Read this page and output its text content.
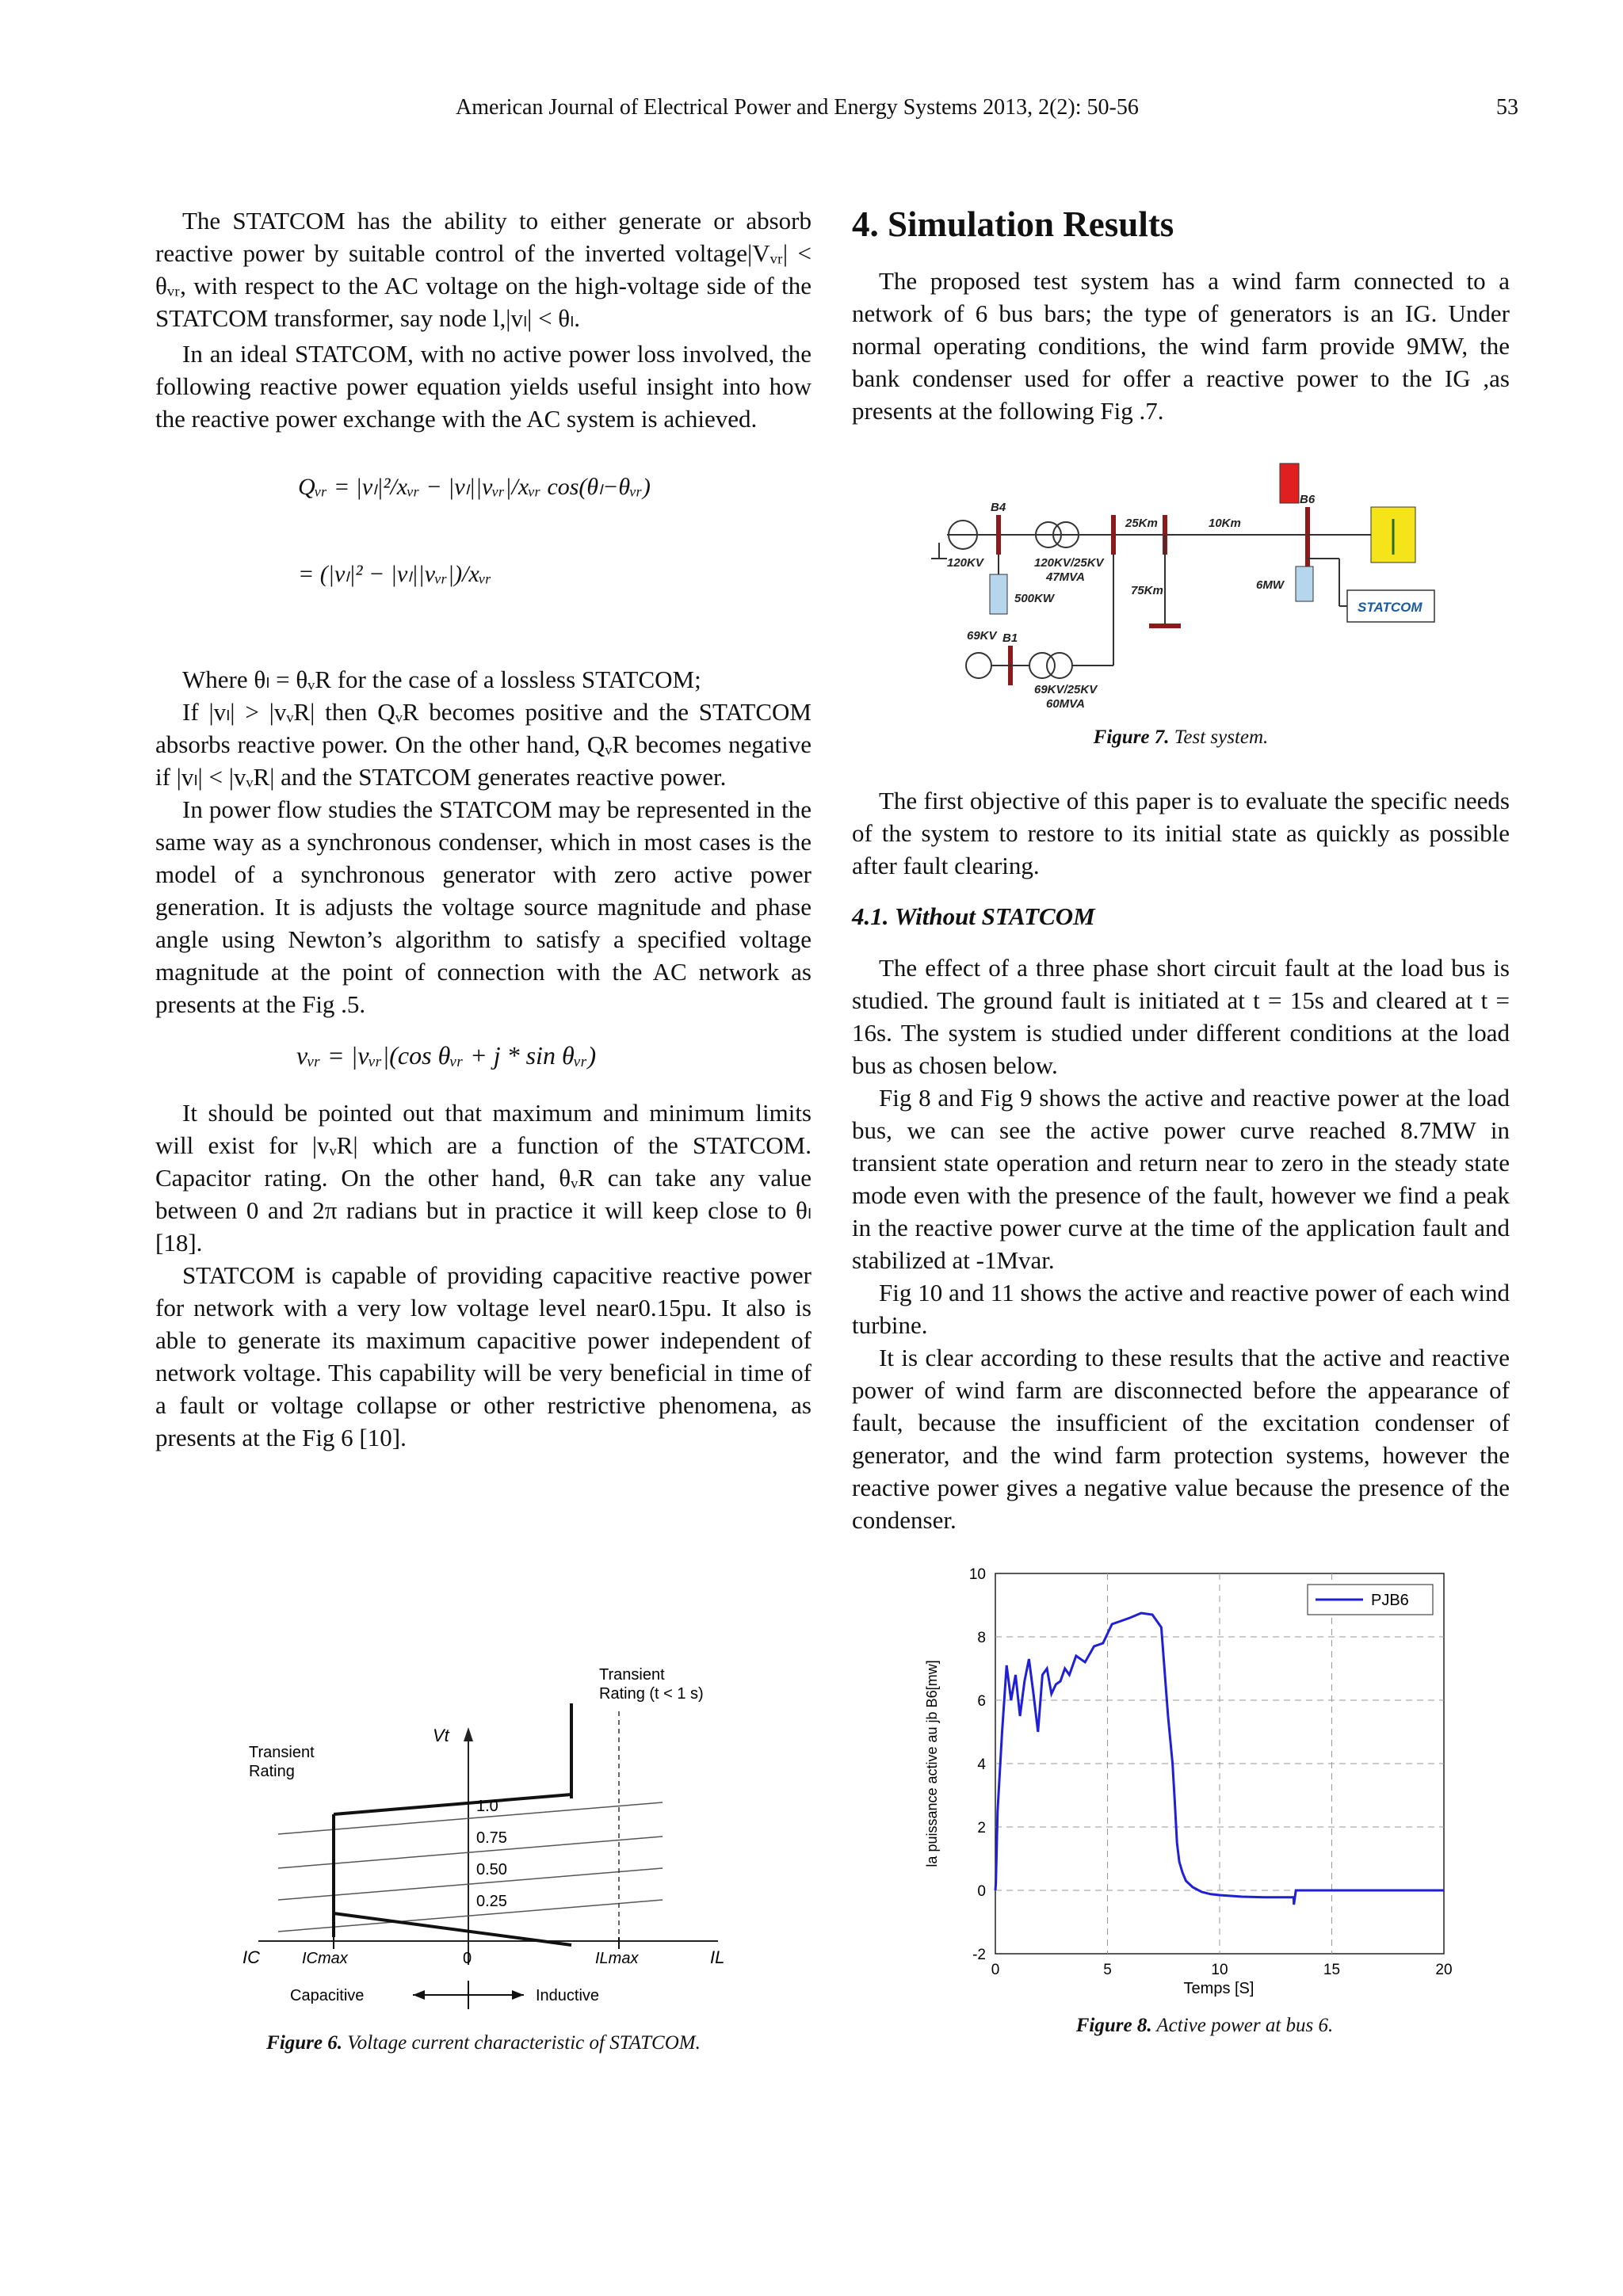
American Journal of Electrical Power and Energy Systems 2013, 2(2): 50-56	53

The STATCOM has the ability to either generate or absorb reactive power by suitable control of the inverted voltage|Vᵥᵣ| < θᵥᵣ, with respect to the AC voltage on the high-voltage side of the STATCOM transformer, say node l,|vₗ| < θₗ.

In an ideal STATCOM, with no active power loss involved, the following reactive power equation yields useful insight into how the reactive power exchange with the AC system is achieved.

Qᵥᵣ = |vₗ|²/xᵥᵣ − |vₗ||vᵥᵣ|/xᵥᵣ cos(θₗ−θᵥᵣ)
= (|vₗ|² − |vₗ||vᵥᵣ|)/xᵥᵣ

Where θₗ = θᵥR for the case of a lossless STATCOM;

If |vₗ| > |vᵥR| then QᵥR becomes positive and the STATCOM absorbs reactive power. On the other hand, QᵥR becomes negative if |vₗ| < |vᵥR| and the STATCOM generates reactive power.

In power flow studies the STATCOM may be represented in the same way as a synchronous condenser, which in most cases is the model of a synchronous generator with zero active power generation. It is adjusts the voltage source magnitude and phase angle using Newton’s algorithm to satisfy a specified voltage magnitude at the point of connection with the AC network as presents at the Fig .5.

vᵥᵣ = |vᵥᵣ|(cos θᵥᵣ + j * sin θᵥᵣ)

It should be pointed out that maximum and minimum limits will exist for |vᵥR| which are a function of the STATCOM. Capacitor rating. On the other hand, θᵥR can take any value between 0 and 2π radians but in practice it will keep close to θₗ [18].

STATCOM is capable of providing capacitive reactive power for network with a very low voltage level near0.15pu. It also is able to generate its maximum capacitive power independent of network voltage. This capability will be very beneficial in time of a fault or voltage collapse or other restrictive phenomena, as presents at the Fig 6 [10].

Transient
Rating (t < 1 s)
Transient
Rating
Vt
1.0
0.75
0.50
0.25
IC	ICmax	0	ILmax	IL
Capacitive	Inductive
Figure 6. Voltage current characteristic of STATCOM.
4. Simulation Results

The proposed test system has a wind farm connected to a network of 6 bus bars; the type of generators is an IG. Under normal operating conditions, the wind farm provide 9MW, the bank condenser used for offer a reactive power to the IG ,as presents at the following Fig .7.

B4
B6
B1
120KV	120KV/25KV
47MVA
25Km	10Km
75Km
500KW
6MW
STATCOM
69KV
69KV/25KV
60MVA
Figure 7. Test system.

The first objective of this paper is to evaluate the specific needs of the system to restore to its initial state as quickly as possible after fault clearing.

4.1. Without STATCOM

The effect of a three phase short circuit fault at the load bus is studied. The ground fault is initiated at t = 15s and cleared at t = 16s. The system is studied under different conditions at the load bus as chosen below.

Fig 8 and Fig 9 shows the active and reactive power at the load bus, we can see the active power curve reached 8.7MW in transient state operation and return near to zero in the steady state mode even with the presence of the fault, however we find a peak in the reactive power curve at the time of the application fault and stabilized at -1Mvar.

Fig 10 and 11 shows the active and reactive power of each wind turbine.

It is clear according to these results that the active and reactive power of wind farm are disconnected before the appearance of fault, because the insufficient of the excitation condenser of generator, and the wind farm protection systems, however the reactive power gives a negative value because the presence of the condenser.

0	5	10	15	20
-2
0
2
4
6
8
10
PJB6
Temps [S]
la puissance active au jb B6[mw]
Figure 8. Active power at bus 6.
